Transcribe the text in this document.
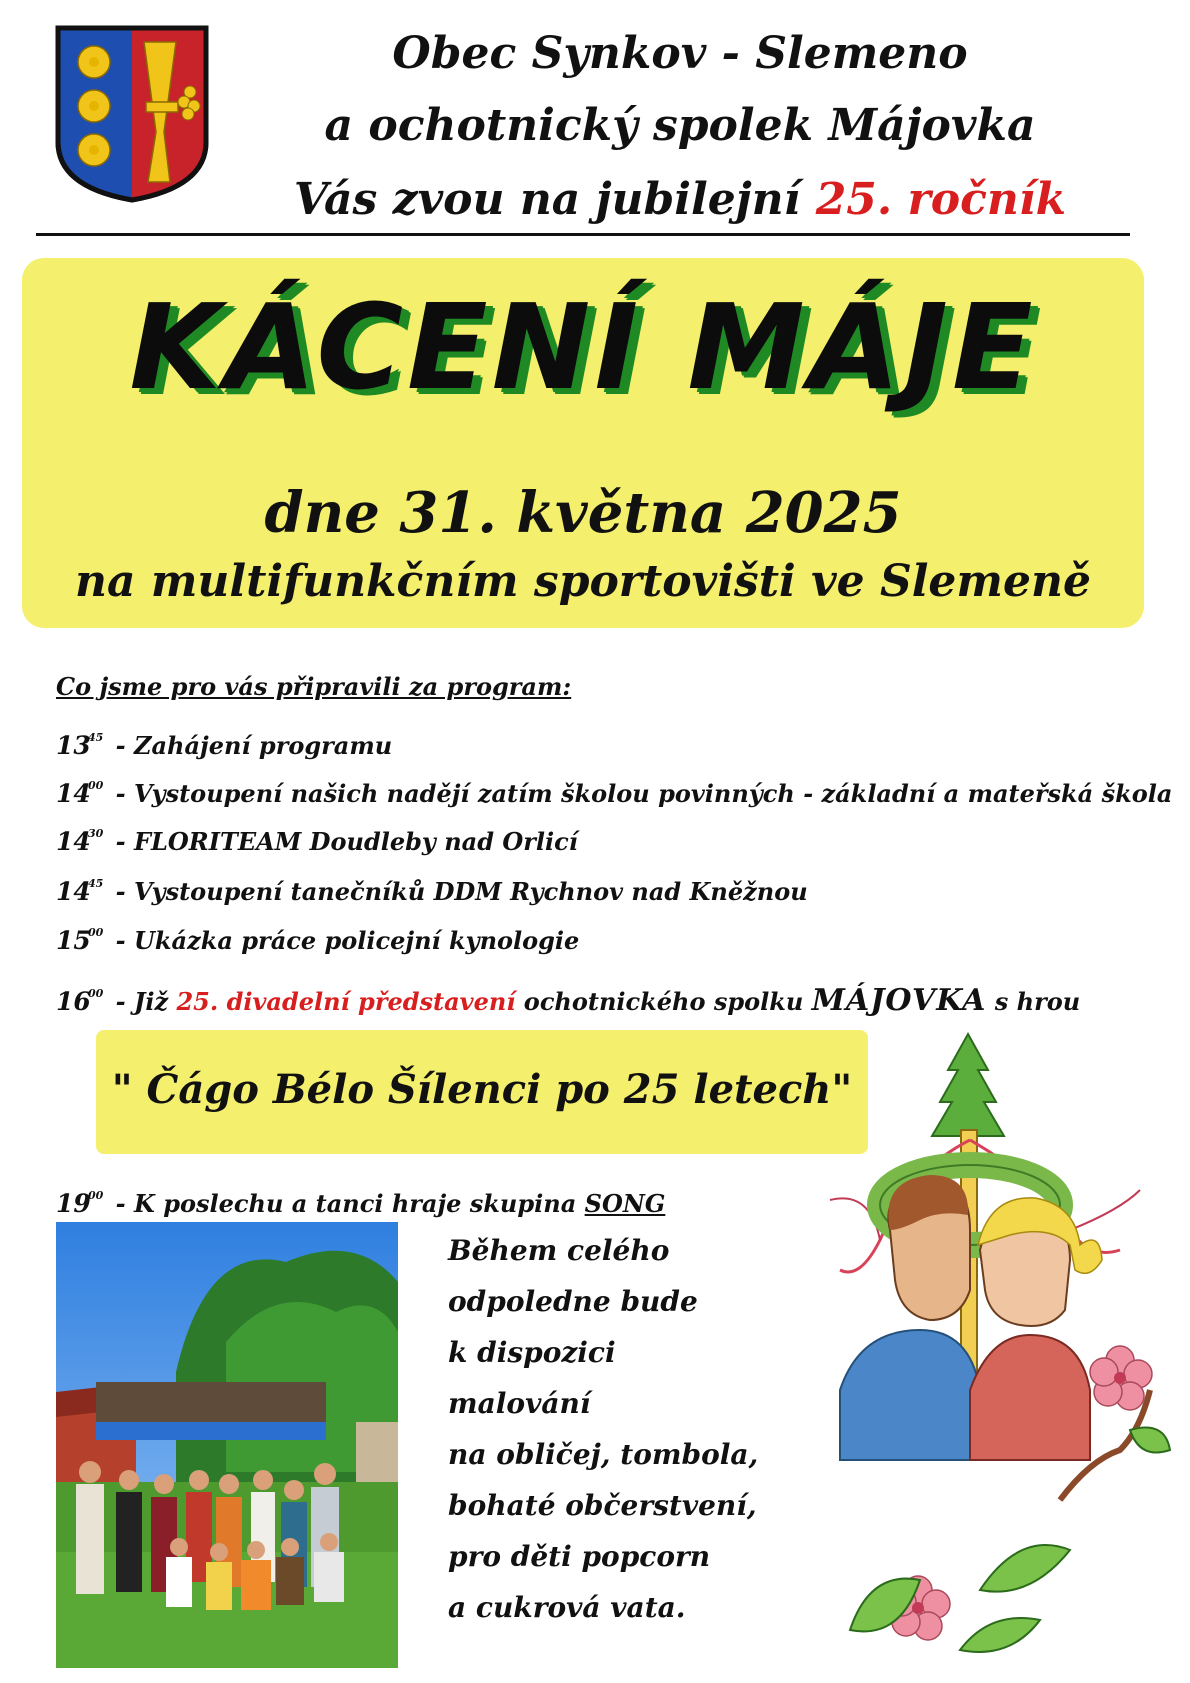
Obec Synkov - Slemeno
a ochotnický spolek Májovka
Vás zvou na jubilejní 25. ročník
KÁCENÍ MÁJE
dne 31. května 2025
na multifunkčním sportovišti ve Slemeně
Co jsme pro vás připravili za program:
$13^{45}$ - Zahájení programu
$14^{00}$ - Vystoupení našich nadějí zatím školou povinných - základní a mateřská škola
$14^{30}$ - FLORITEAM Doudleby nad Orlicí
$14^{45}$ - Vystoupení tanečníků DDM Rychnov nad Kněžnou
$15^{00}$ - Ukázka práce policejní kynologie
$16^{00}$ - Již 25. divadelní představení ochotnického spolku MÁJOVKA s hrou
" Čágo Bélo Šílenci po 25 letech"
$19^{00}$ - K poslechu a tanci hraje skupina SONG
Během celého
odpoledne bude
k dispozici
malování
na obličej, tombola,
bohaté občerstvení,
pro děti popcorn
a cukrová vata.
